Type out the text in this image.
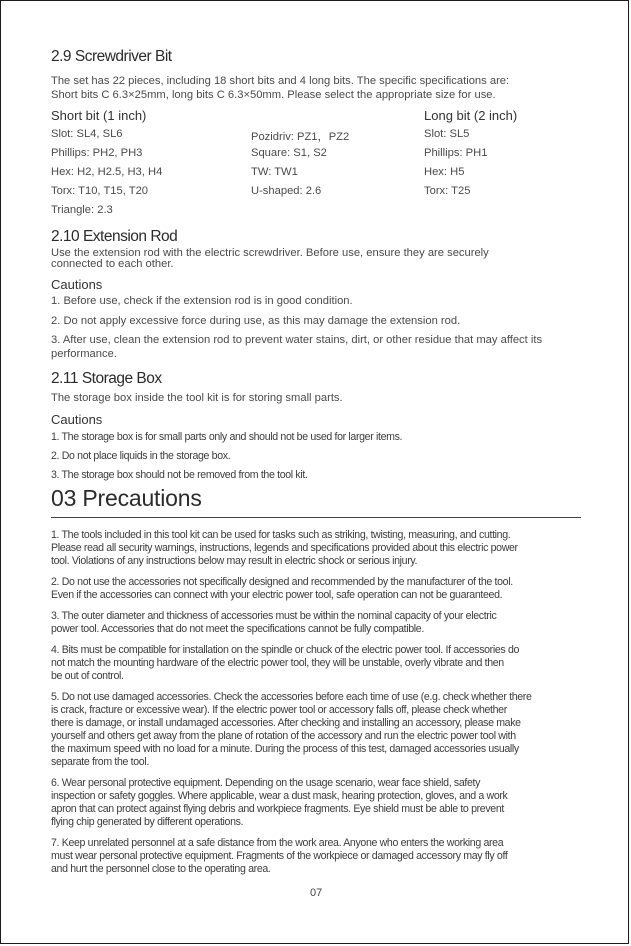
2.9 Screwdriver Bit
The set has 22 pieces, including 18 short bits and 4 long bits. The specific specifications are:
Short bits C 6.3×25mm, long bits C 6.3×50mm. Please select the appropriate size for use.
Short bit (1 inch)	Long bit (2 inch)
Slot: SL4, SL6
Phillips: PH2, PH3
Hex: H2, H2.5, H3, H4
Torx: T10, T15, T20
Triangle: 2.3
Pozidriv: PZ1，PZ2
Square: S1, S2
TW: TW1
U-shaped: 2.6
Slot: SL5
Phillips: PH1
Hex: H5
Torx: T25
2.10 Extension Rod
Use the extension rod with the electric screwdriver. Before use, ensure they are securely
connected to each other.
Cautions
1. Before use, check if the extension rod is in good condition.
2. Do not apply excessive force during use, as this may damage the extension rod.
3. After use, clean the extension rod to prevent water stains, dirt, or other residue that may affect its
performance.
2.11 Storage Box
The storage box inside the tool kit is for storing small parts.
Cautions
1. The storage box is for small parts only and should not be used for larger items.
2. Do not place liquids in the storage box.
3. The storage box should not be removed from the tool kit.
03 Precautions
1. The tools included in this tool kit can be used for tasks such as striking, twisting, measuring, and cutting.
Please read all security warnings, instructions, legends and specifications provided about this electric power
tool. Violations of any instructions below may result in electric shock or serious injury.
2. Do not use the accessories not specifically designed and recommended by the manufacturer of the tool.
Even if the accessories can connect with your electric power tool, safe operation can not be guaranteed.
3. The outer diameter and thickness of accessories must be within the nominal capacity of your electric
power tool. Accessories that do not meet the specifications cannot be fully compatible.
4. Bits must be compatible for installation on the spindle or chuck of the electric power tool. If accessories do
not match the mounting hardware of the electric power tool, they will be unstable, overly vibrate and then
be out of control.
5. Do not use damaged accessories. Check the accessories before each time of use (e.g. check whether there
is crack, fracture or excessive wear). If the electric power tool or accessory falls off, please check whether
there is damage, or install undamaged accessories. After checking and installing an accessory, please make
yourself and others get away from the plane of rotation of the accessory and run the electric power tool with
the maximum speed with no load for a minute. During the process of this test, damaged accessories usually
separate from the tool.
6. Wear personal protective equipment. Depending on the usage scenario, wear face shield, safety
inspection or safety goggles. Where applicable, wear a dust mask, hearing protection, gloves, and a work
apron that can protect against flying debris and workpiece fragments. Eye shield must be able to prevent
flying chip generated by different operations.
7. Keep unrelated personnel at a safe distance from the work area. Anyone who enters the working area
must wear personal protective equipment. Fragments of the workpiece or damaged accessory may fly off
and hurt the personnel close to the operating area.
07
